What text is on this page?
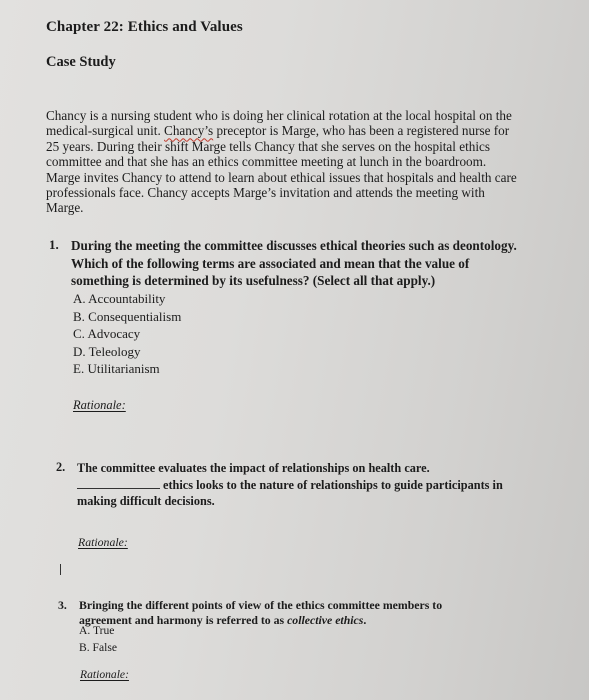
Chapter 22: Ethics and Values
Case Study

Chancy is a nursing student who is doing her clinical rotation at the local hospital on the
medical-surgical unit. Chancy’s preceptor is Marge, who has been a registered nurse for
25 years. During their shift Marge tells Chancy that she serves on the hospital ethics
committee and that she has an ethics committee meeting at lunch in the boardroom.
Marge invites Chancy to attend to learn about ethical issues that hospitals and health care
professionals face. Chancy accepts Marge’s invitation and attends the meeting with
Marge.

1. During the meeting the committee discusses ethical theories such as deontology.
Which of the following terms are associated and mean that the value of
something is determined by its usefulness? (Select all that apply.)
A. Accountability
B. Consequentialism
C. Advocacy
D. Teleology
E. Utilitarianism
Rationale:
2. The committee evaluates the impact of relationships on health care.
ethics looks to the nature of relationships to guide participants in
making difficult decisions.
Rationale:
3. Bringing the different points of view of the ethics committee members to
agreement and harmony is referred to as collective ethics.
A. True
B. False
Rationale:
